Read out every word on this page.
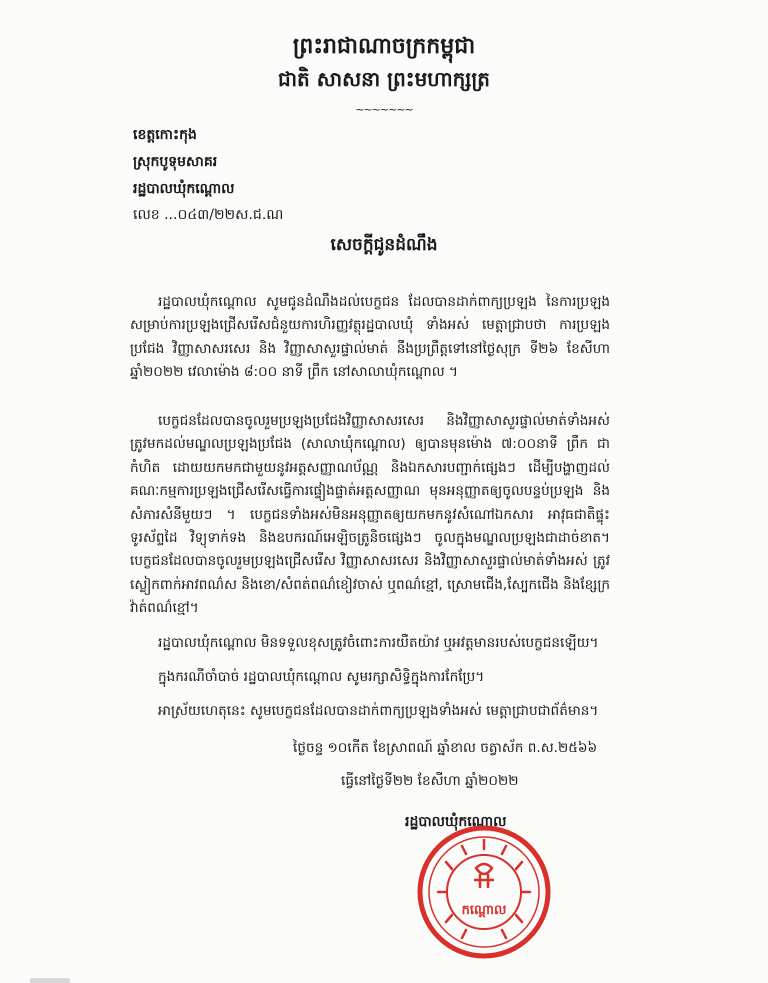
ព្រះរាជាណាចក្រកម្ពុជា
ជាតិ សាសនា ព្រះមហាក្សត្រ
~~~~~~~
ខេត្តកោះកុង
ស្រុកបូទុមសាគរ
រដ្ឋបាលឃុំកណ្តោល
លេខ ...០៤៣/២២ស.ជ.ណ
សេចក្តីជូនដំណឹង
រដ្ឋបាលឃុំកណ្តោល សូមជូនដំណឹងដល់បេក្ខជន ដែលបានដាក់ពាក្យប្រឡង នៃការប្រឡងសម្រាប់ការប្រឡងជ្រើសរើសជំនួយការហិរញ្ញវត្ថុរដ្ឋបាលឃុំ ទាំងអស់ មេត្តាជ្រាបថា ការប្រឡងប្រជែង វិញ្ញាសាសរសេរ និង វិញ្ញាសាសួរផ្ទាល់មាត់ នឹងប្រព្រឹត្តទៅនៅថ្ងៃសុក្រ ទី២៦ ខែសីហា ឆ្នាំ២០២២ វេលាម៉ោង ៨:០០ នាទី ព្រឹក នៅសាលាឃុំកណ្តោល ។
បេក្ខជនដែលបានចូលរួមប្រឡងប្រជែងវិញ្ញាសាសរសេរ និងវិញ្ញាសាសួរផ្ទាល់មាត់ទាំងអស់ ត្រូវមកដល់មណ្ឌលប្រឡងប្រជែង (សាលាឃុំកណ្តោល) ឲ្យបានមុនម៉ោង ៧:០០នាទី ព្រឹក ជាកំហិត ដោយយកមកជាមួយនូវអត្តសញ្ញាណប័ណ្ណ និងឯកសារបញ្ជាក់ផ្សេងៗ ដើម្បីបង្ហាញដល់ គណៈកម្មការប្រឡងជ្រើសរើសធ្វើការផ្ទៀងផ្ទាត់អត្តសញ្ញាណ មុនអនុញ្ញាតឲ្យចូលបន្ទប់ប្រឡង និងសំភារសំនីមួយៗ ។ បេក្ខជនទាំងអស់មិនអនុញ្ញាតឲ្យយកមកនូវសំណៅឯកសារ អាវុធជាតិផ្ទុះ ទូរស័ព្ទដៃ វិទ្យុទាក់ទង និងឧបករណ៍អេឡិចត្រូនិចផ្សេងៗ ចូលក្នុងមណ្ឌលប្រឡងជាដាច់ខាត។ បេក្ខជនដែលបានចូលរួមប្រឡងជ្រើសរើស វិញ្ញាសាសរសេរ និងវិញ្ញាសាសួរផ្ទាល់មាត់ទាំងអស់ ត្រូវស្លៀកពាក់អាវពណ៌ស និងខោ/សំពត់ពណ៌ខៀវចាស់ ឬពណ៌ខ្មៅ, ស្រោមជើង,ស្បែកជើង និងខ្សែក្រវ៉ាត់ពណ៌ខ្មៅ។
រដ្ឋបាលឃុំកណ្តោល មិនទទួលខុសត្រូវចំពោះការយឺតយ៉ាវ ឬអវត្តមានរបស់បេក្ខជនឡើយ។
ក្នុងករណីចាំបាច់ រដ្ឋបាលឃុំកណ្តោល សូមរក្សាសិទ្ធិក្នុងការកែប្រែ។
អាស្រ័យហេតុនេះ សូមបេក្ខជនដែលបានដាក់ពាក្យប្រឡងទាំងអស់ មេត្តាជ្រាបជាព័ត៌មាន។
ថ្ងៃចន្ទ ១០កើត ខែស្រាពណ៍ ឆ្នាំខាល ចត្វាស័ក ព.ស.២៥៦៦
ធ្វើនៅថ្ងៃទី២២ ខែសីហា ឆ្នាំ២០២២
រដ្ឋបាលឃុំកណ្តោល
កណ្តោល
